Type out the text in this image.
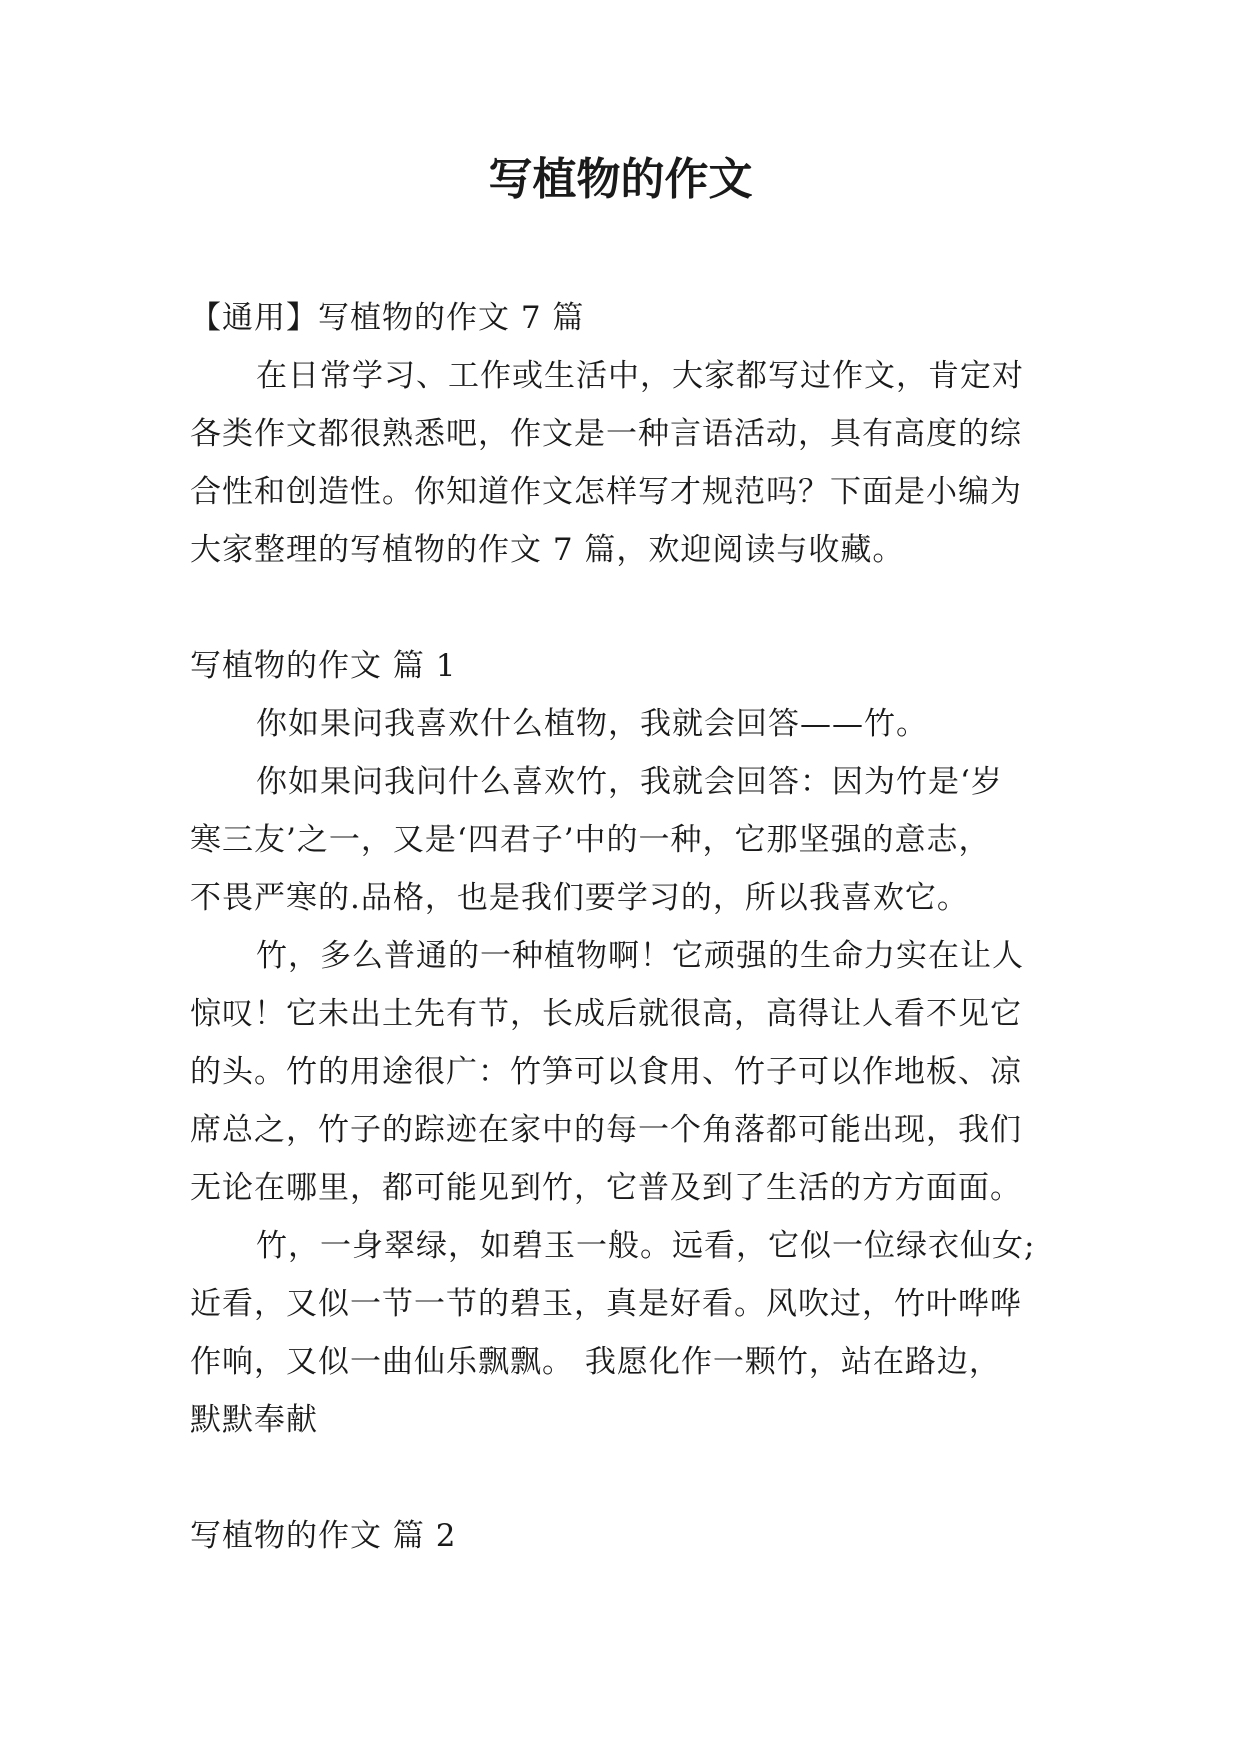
写植物的作文
【通用】写植物的作文 7 篇
在日常学习、工作或生活中，大家都写过作文，肯定对
各类作文都很熟悉吧，作文是一种言语活动，具有高度的综
合性和创造性。你知道作文怎样写才规范吗？下面是小编为
大家整理的写植物的作文 7 篇，欢迎阅读与收藏。
写植物的作文 篇 1
你如果问我喜欢什么植物，我就会回答——竹。
你如果问我问什么喜欢竹，我就会回答：因为竹是‘岁
寒三友’之一，又是‘四君子’中的一种，它那坚强的意志，
不畏严寒的.品格，也是我们要学习的，所以我喜欢它。
竹，多么普通的一种植物啊！它顽强的生命力实在让人
惊叹！它未出土先有节，长成后就很高，高得让人看不见它
的头。竹的用途很广：竹笋可以食用、竹子可以作地板、凉
席总之，竹子的踪迹在家中的每一个角落都可能出现，我们
无论在哪里，都可能见到竹，它普及到了生活的方方面面。
竹，一身翠绿，如碧玉一般。远看，它似一位绿衣仙女;
近看，又似一节一节的碧玉，真是好看。风吹过，竹叶哗哗
作响，又似一曲仙乐飘飘。 我愿化作一颗竹，站在路边，
默默奉献
写植物的作文 篇 2
